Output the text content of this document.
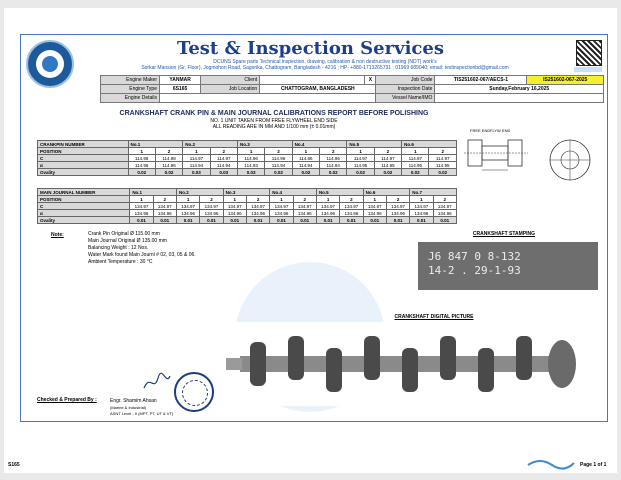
Test & Inspection Services
DCUNS Spare parts Technical inspection, drawing, calibration & non destructive testing (NDT) work's
Sorkar Mansion (Gr. Floor), Jogmohon Road, Sagorika, Chattogram, Bangladesh - 4216 ; HP- +880-1713265731 ; 01969 689040; email: testinspectionbd@gmail.com
Engine Maker	YANMAR	Client		X	Job Code	TIS251602-067/AECS-1	IS251602-067-2025
Engine Type	6S165	Job Location	CHATTOGRAM, BANGLADESH		Inspection Date	Sunday,February 16,2025	
Engine Details					Vessel Name/IMO		
CRANKSHAFT CRANK PIN & MAIN JOURNAL CALIBRATIONS REPORT BEFORE POLISHING
NO. 1 UNIT TAKEN FROM FREE FLYWHEEL END SIDE
ALL READING ARE IN MM AND 1/100 mm (± 0.01mm)
CRANKPIN NUMBER	No.1		No.2		No.3		No.4		No.5		No.6	
POSITION	1	2	1	2	1	2	1	2	1	2	1	2
C	114.98	114.98	114.97	114.97	114.96	114.96	114.86	114.96	114.97	114.97	114.97	114.97
α	114.96	114.96	114.94	114.94	114.93	114.94	114.94	114.94	114.95	114.95	114.95	114.95
Ovality	0.02	0.02	0.03	0.03	0.03	0.02	0.02	0.02	0.02	0.02	0.02	0.02
MAIN JOURNAL NUMBER	No.1		No.2		No.3		No.4		No.5		No.6		No.7	
POSITION	1	2	1	2	1	2	1	2	1	2	1	2	1	2
C	134.97	134.97	134.97	134.97	134.97	134.97	134.97	134.97	134.97	134.97	134.97	134.97	134.97	134.97
α	134.96	134.96	134.96	134.96	134.96	134.96	134.96	134.96	134.96	134.96	134.96	134.96	134.96	134.96
Ovality	0.01	0.01	0.01	0.01	0.01	0.01	0.01	0.01	0.01	0.01	0.01	0.01	0.01	0.01
FREE END FLYW END
Note:	Crank Pin Original Ø 115.00 mm
Main Journal Original Ø 135.00 mm
Balancing Weight : 12 Nos.
Water Mark found Main Journl # 02, 03, 05 & 06.
Ambient Temperature : 30 °C
CRANKSHAFT STAMPING
J6 847 0 8-132
14-2 . 29-1-93
CRANKSHAFT DIGITAL PICTURE
Checked & Prepared By :	Engr. Shamim Ahsan
(Marine & Industrial)
ASNT Level - II (MPT, PT, UT & VT)
S165	Page 1 of 1
